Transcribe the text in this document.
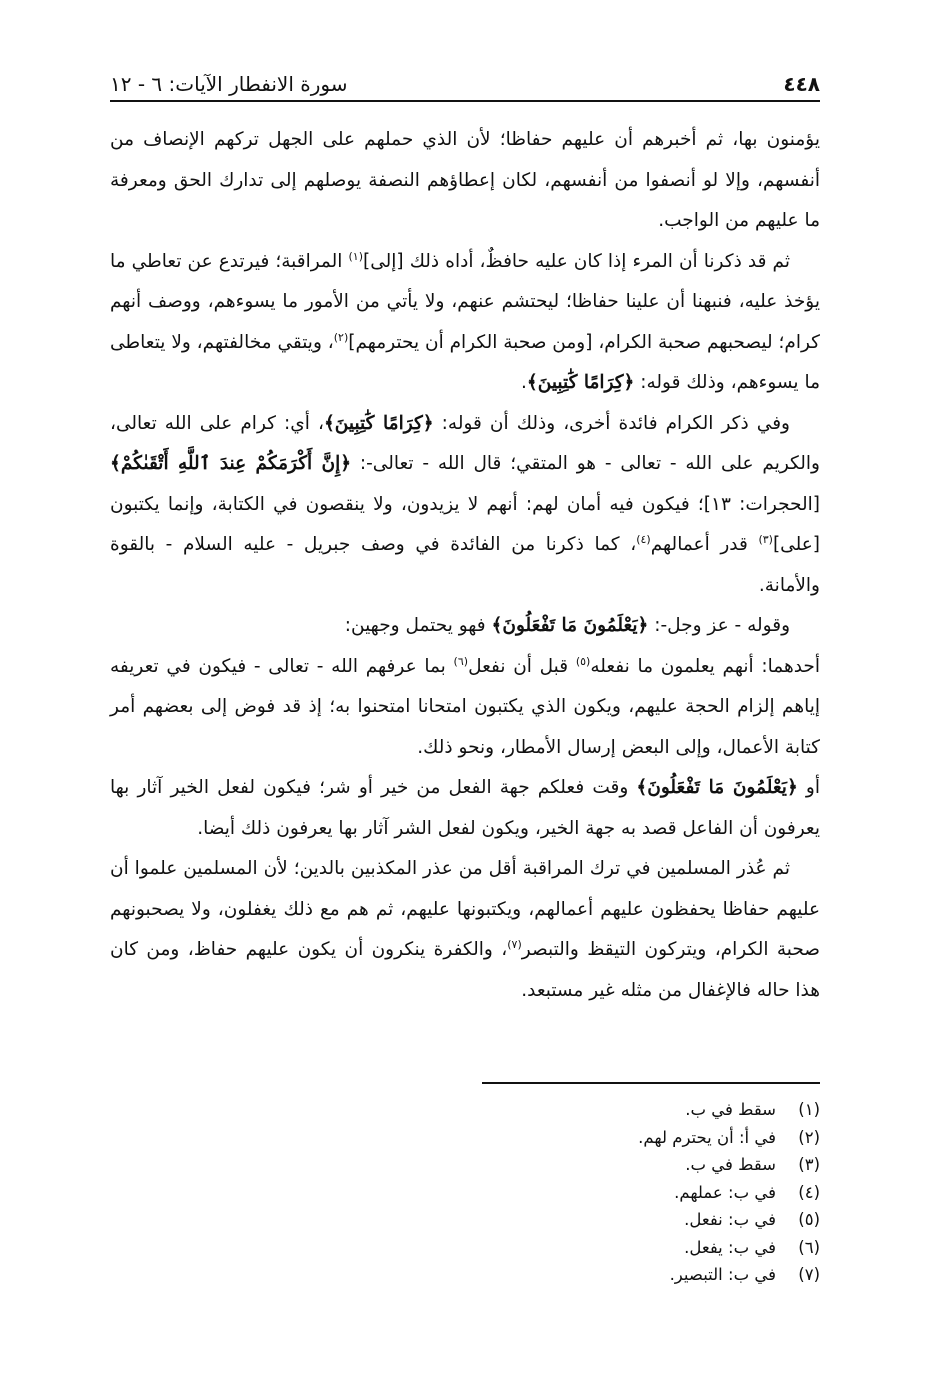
٤٤٨
سورة الانفطار الآيات: ٦ - ١٢

يؤمنون بها، ثم أخبرهم أن عليهم حفاظا؛ لأن الذي حملهم على الجهل تركهم الإنصاف من أنفسهم، وإلا لو أنصفوا من أنفسهم، لكان إعطاؤهم النصفة يوصلهم إلى تدارك الحق ومعرفة ما عليهم من الواجب.

ثم قد ذكرنا أن المرء إذا كان عليه حافظٌ، أداه ذلك [إلى]$^{(١)}$ المراقبة؛ فيرتدع عن تعاطي ما يؤخذ عليه، فنبهنا أن علينا حفاظا؛ ليحتشم عنهم، ولا يأتي من الأمور ما يسوءهم، ووصف أنهم كرام؛ ليصحبهم صحبة الكرام، [ومن صحبة الكرام أن يحترمهم]$^{(٢)}$، ويتقي مخالفتهم، ولا يتعاطى ما يسوءهم، وذلك قوله: ﴿كِرَامًا كَٰتِبِينَ﴾.

وفي ذكر الكرام فائدة أخرى، وذلك أن قوله: ﴿كِرَامًا كَٰتِبِينَ﴾، أي: كرام على الله تعالى، والكريم على الله - تعالى - هو المتقي؛ قال الله - تعالى-: ﴿إِنَّ أَكْرَمَكُمْ عِندَ ٱللَّهِ أَتْقَىٰكُمْ﴾ [الحجرات: ١٣]؛ فيكون فيه أمان لهم: أنهم لا يزيدون، ولا ينقصون في الكتابة، وإنما يكتبون [على]$^{(٣)}$ قدر أعمالهم$^{(٤)}$، كما ذكرنا من الفائدة في وصف جبريل - عليه السلام - بالقوة والأمانة.

وقوله - عز وجل-: ﴿يَعْلَمُونَ مَا تَفْعَلُونَ﴾ فهو يحتمل وجهين:

أحدهما: أنهم يعلمون ما نفعله$^{(٥)}$ قبل أن نفعل$^{(٦)}$ بما عرفهم الله - تعالى - فيكون في تعريفه إياهم إلزام الحجة عليهم، ويكون الذي يكتبون امتحانا امتحنوا به؛ إذ قد فوض إلى بعضهم أمر كتابة الأعمال، وإلى البعض إرسال الأمطار، ونحو ذلك.

أو ﴿يَعْلَمُونَ مَا تَفْعَلُونَ﴾ وقت فعلكم جهة الفعل من خير أو شر؛ فيكون لفعل الخير آثار بها يعرفون أن الفاعل قصد به جهة الخير، ويكون لفعل الشر آثار بها يعرفون ذلك أيضا.

ثم عُذر المسلمين في ترك المراقبة أقل من عذر المكذبين بالدين؛ لأن المسلمين علموا أن عليهم حفاظا يحفظون عليهم أعمالهم، ويكتبونها عليهم، ثم هم مع ذلك يغفلون، ولا يصحبونهم صحبة الكرام، ويتركون التيقظ والتبصر$^{(٧)}$، والكفرة ينكرون أن يكون عليهم حفاظ، ومن كان هذا حاله فالإغفال من مثله غير مستبعد.

(١)
سقط في ب.
(٢)
في أ: أن يحترم لهم.
(٣)
سقط في ب.
(٤)
في ب: عملهم.
(٥)
في ب: نفعل.
(٦)
في ب: يفعل.
(٧)
في ب: التبصير.
